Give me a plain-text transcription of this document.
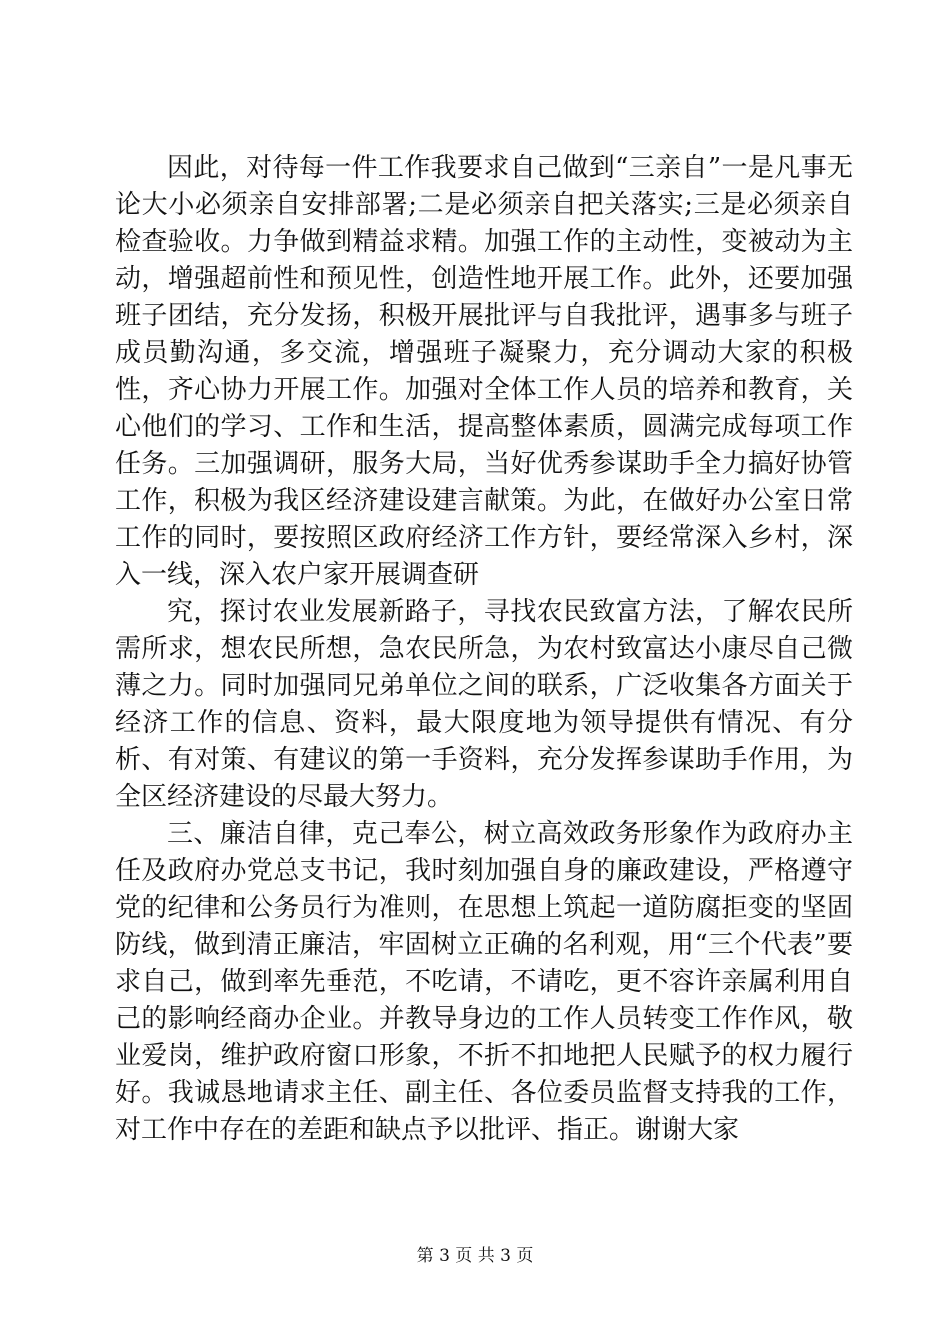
因此，对待每一件工作我要求自己做到“三亲自”一是凡事无论大小必须亲自安排部署;二是必须亲自把关落实;三是必须亲自检查验收。力争做到精益求精。加强工作的主动性，变被动为主动，增强超前性和预见性，创造性地开展工作。此外，还要加强班子团结，充分发扬，积极开展批评与自我批评，遇事多与班子成员勤沟通，多交流，增强班子凝聚力，充分调动大家的积极性，齐心协力开展工作。加强对全体工作人员的培养和教育，关心他们的学习、工作和生活，提高整体素质，圆满完成每项工作任务。三加强调研，服务大局，当好优秀参谋助手全力搞好协管工作，积极为我区经济建设建言献策。为此，在做好办公室日常工作的同时，要按照区政府经济工作方针，要经常深入乡村，深入一线，深入农户家开展调查研

究，探讨农业发展新路子，寻找农民致富方法，了解农民所需所求，想农民所想，急农民所急，为农村致富达小康尽自己微薄之力。同时加强同兄弟单位之间的联系，广泛收集各方面关于经济工作的信息、资料，最大限度地为领导提供有情况、有分析、有对策、有建议的第一手资料，充分发挥参谋助手作用，为全区经济建设的尽最大努力。

三、廉洁自律，克己奉公，树立高效政务形象作为政府办主任及政府办党总支书记，我时刻加强自身的廉政建设，严格遵守党的纪律和公务员行为准则，在思想上筑起一道防腐拒变的坚固防线，做到清正廉洁，牢固树立正确的名利观，用“三个代表”要求自己，做到率先垂范，不吃请，不请吃，更不容许亲属利用自己的影响经商办企业。并教导身边的工作人员转变工作作风，敬业爱岗，维护政府窗口形象，不折不扣地把人民赋予的权力履行好。我诚恳地请求主任、副主任、各位委员监督支持我的工作，对工作中存在的差距和缺点予以批评、指正。谢谢大家

第 3 页 共 3 页
